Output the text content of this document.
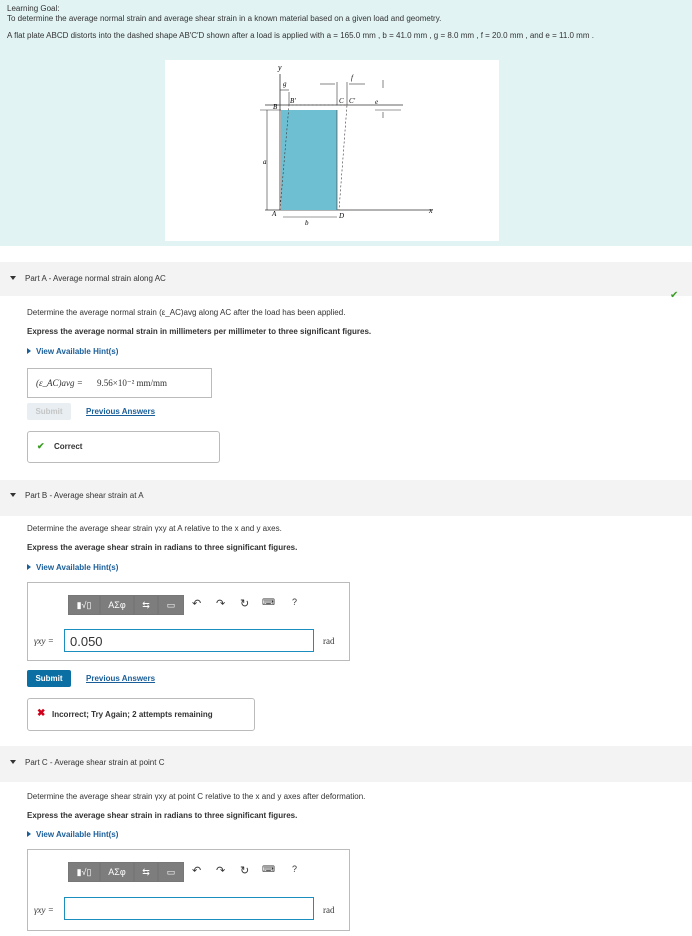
Learning Goal:
To determine the average normal strain and average shear strain in a known material based on a given load and geometry.
A flat plate ABCD distorts into the dashed shape AB′C′D shown after a load is applied with a = 165.0 mm , b = 41.0 mm , g = 8.0 mm , f = 20.0 mm , and e = 11.0 mm .
y
x
g
f
e
a
b
A
B
B′	C C′
D
Part A - Average normal strain along AC
✔
Determine the average normal strain (ε_AC)avg along AC after the load has been applied.
Express the average normal strain in millimeters per millimeter to three significant figures.
View Available Hint(s)
(ε_AC)avg = 9.56×10⁻² mm/mm
Submit	Previous Answers
✔ Correct
Part B - Average shear strain at A
Determine the average shear strain γxy at A relative to the x and y axes.
Express the average shear strain in radians to three significant figures.
View Available Hint(s)
▮√▯	ΑΣφ	⇆	▭	↶ ↷ ↻ ⌨ ?
γxy =	0.050	rad
Submit	Previous Answers
✖ Incorrect; Try Again; 2 attempts remaining
Part C - Average shear strain at point C
Determine the average shear strain γxy at point C relative to the x and y axes after deformation.
Express the average shear strain in radians to three significant figures.
View Available Hint(s)
▮√▯	ΑΣφ	⇆	▭	↶ ↷ ↻ ⌨ ?
γxy =	rad
